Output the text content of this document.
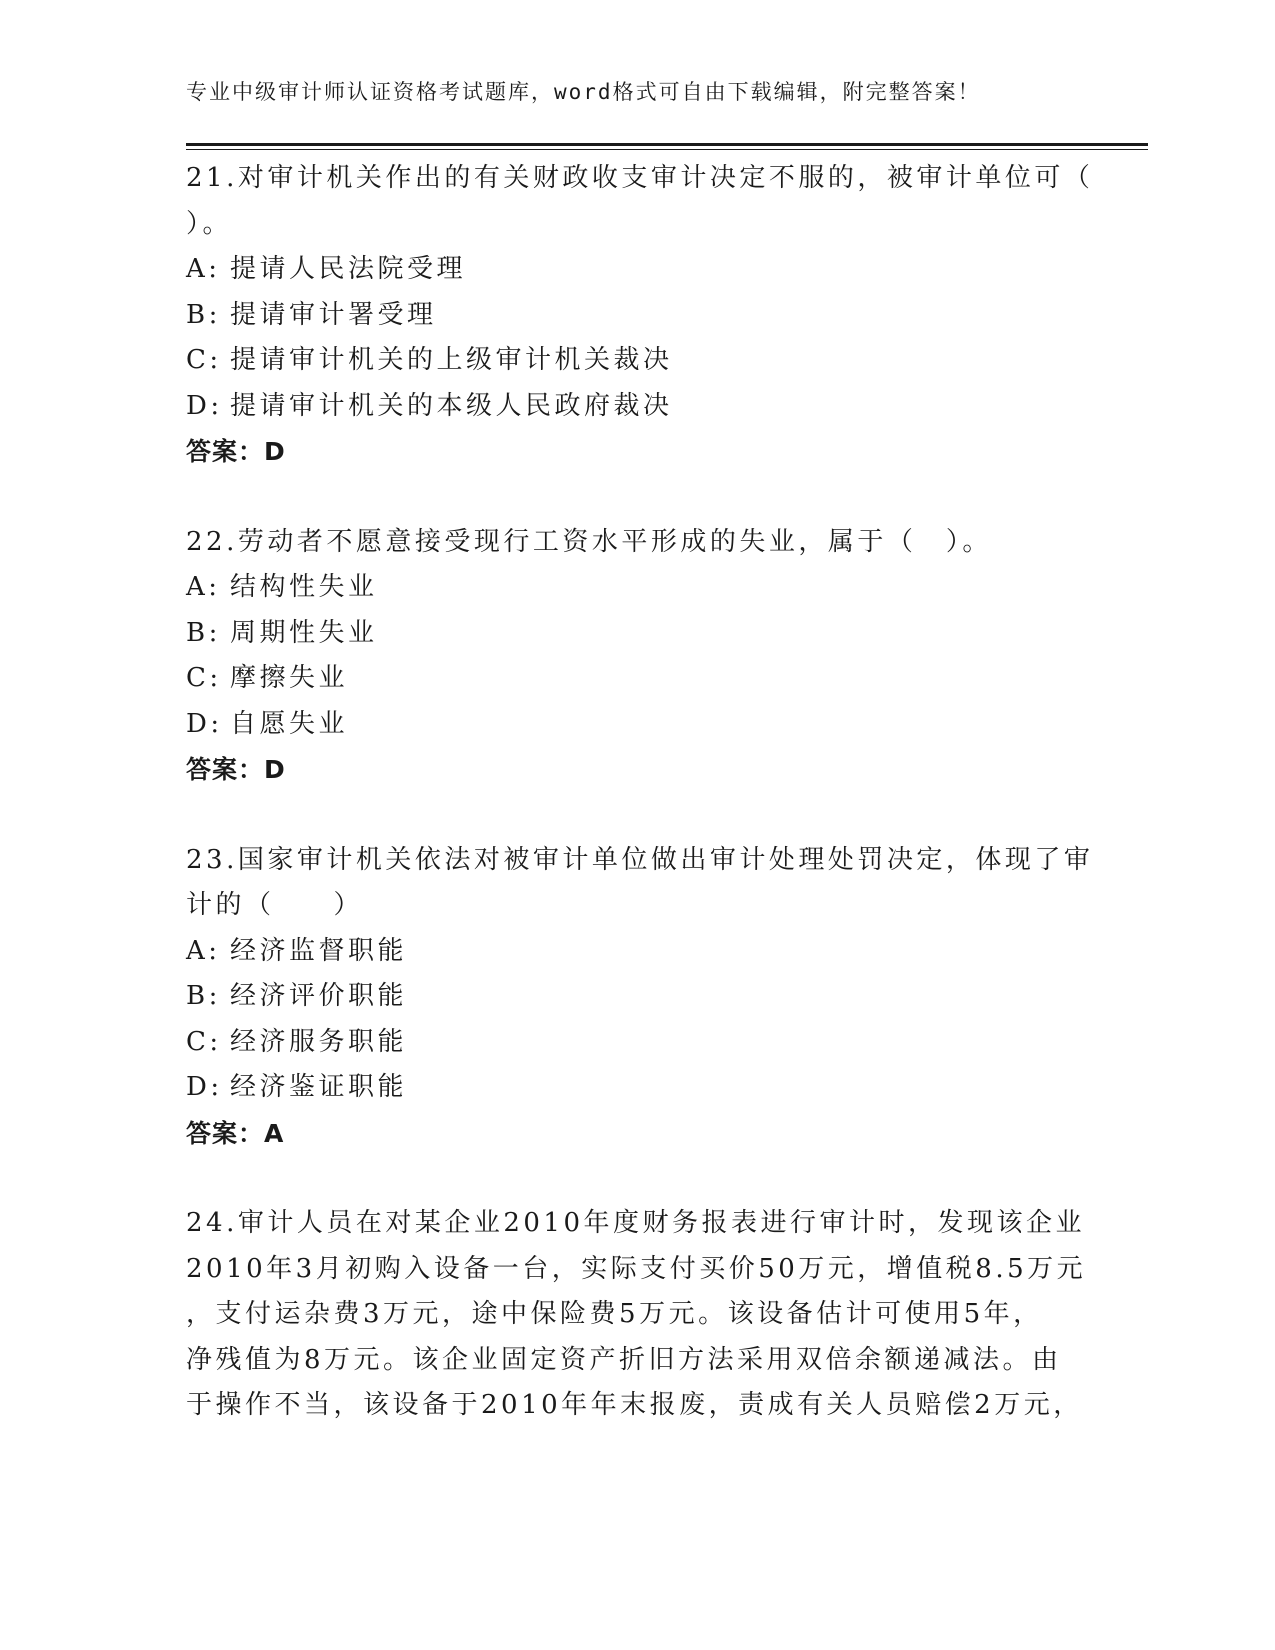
专业中级审计师认证资格考试题库，word格式可自由下载编辑，附完整答案！
21.对审计机关作出的有关财政收支审计决定不服的，被审计单位可（
）。
A: 提请人民法院受理
B: 提请审计署受理
C: 提请审计机关的上级审计机关裁决
D: 提请审计机关的本级人民政府裁决
答案：D
22.劳动者不愿意接受现行工资水平形成的失业，属于（　）。
A: 结构性失业
B: 周期性失业
C: 摩擦失业
D: 自愿失业
答案：D
23.国家审计机关依法对被审计单位做出审计处理处罚决定，体现了审
计的（　　）
A: 经济监督职能
B: 经济评价职能
C: 经济服务职能
D: 经济鉴证职能
答案：A
24.审计人员在对某企业2010年度财务报表进行审计时，发现该企业
2010年3月初购入设备一台，实际支付买价50万元，增值税8.5万元
，支付运杂费3万元，途中保险费5万元。该设备估计可使用5年，
净残值为8万元。该企业固定资产折旧方法采用双倍余额递减法。由
于操作不当，该设备于2010年年末报废，责成有关人员赔偿2万元，
